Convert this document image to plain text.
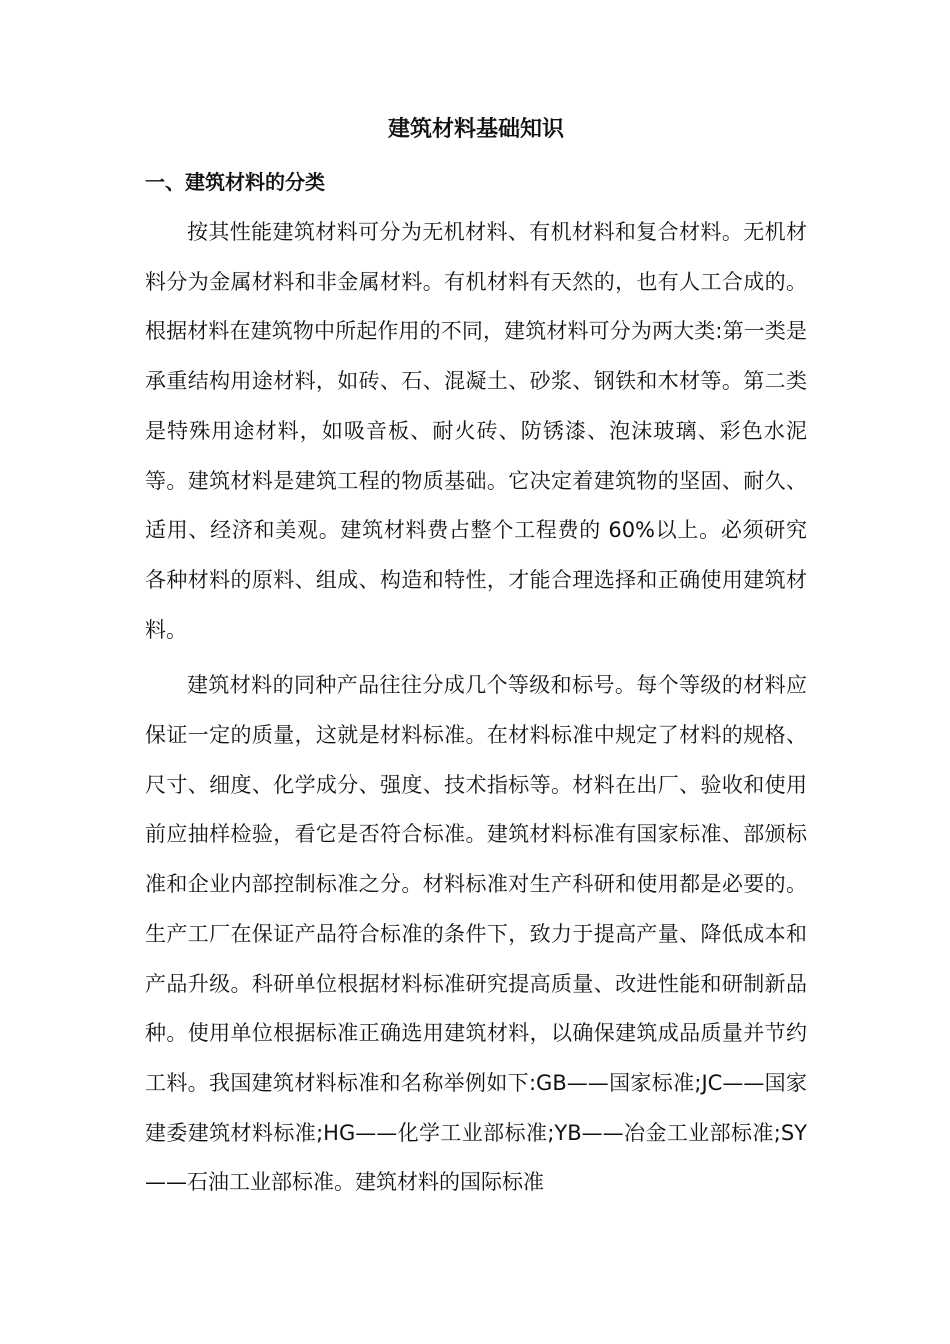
建筑材料基础知识
一、建筑材料的分类

按其性能建筑材料可分为无机材料、有机材料和复合材料。无机材料分为金属材料和非金属材料。有机材料有天然的，也有人工合成的。根据材料在建筑物中所起作用的不同，建筑材料可分为两大类:第一类是承重结构用途材料，如砖、石、混凝土、砂浆、钢铁和木材等。第二类是特殊用途材料，如吸音板、耐火砖、防锈漆、泡沫玻璃、彩色水泥等。建筑材料是建筑工程的物质基础。它决定着建筑物的坚固、耐久、适用、经济和美观。建筑材料费占整个工程费的 60%以上。必须研究各种材料的原料、组成、构造和特性，才能合理选择和正确使用建筑材料。

建筑材料的同种产品往往分成几个等级和标号。每个等级的材料应保证一定的质量，这就是材料标准。在材料标准中规定了材料的规格、尺寸、细度、化学成分、强度、技术指标等。材料在出厂、验收和使用前应抽样检验，看它是否符合标准。建筑材料标准有国家标准、部颁标准和企业内部控制标准之分。材料标准对生产科研和使用都是必要的。生产工厂在保证产品符合标准的条件下，致力于提高产量、降低成本和产品升级。科研单位根据材料标准研究提高质量、改进性能和研制新品种。使用单位根据标准正确选用建筑材料，以确保建筑成品质量并节约工料。我国建筑材料标准和名称举例如下:GB——国家标准;JC——国家建委建筑材料标准;HG——化学工业部标准;YB——冶金工业部标准;SY——石油工业部标准。建筑材料的国际标准
